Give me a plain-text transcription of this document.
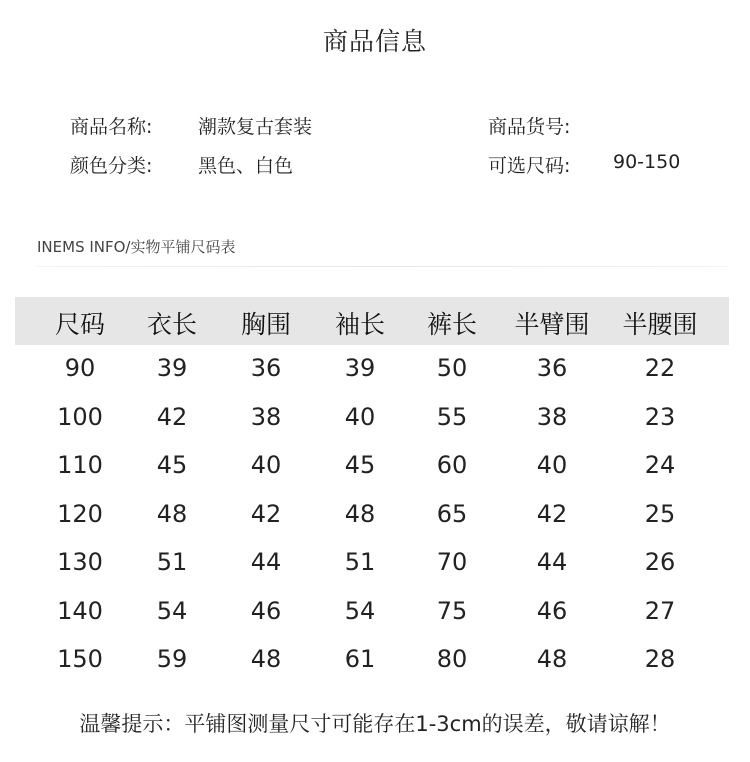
商品信息
商品名称: 潮款复古套装	商品货号:
颜色分类: 黑色、白色	可选尺码: 90-150
INEMS INFO/实物平铺尺码表
尺码	衣长	胸围	袖长	裤长	半臂围	半腰围
90	39	36	39	50	36	22
100	42	38	40	55	38	23
110	45	40	45	60	40	24
120	48	42	48	65	42	25
130	51	44	51	70	44	26
140	54	46	54	75	46	27
150	59	48	61	80	48	28
温馨提示：平铺图测量尺寸可能存在1-3cm的误差，敬请谅解！
